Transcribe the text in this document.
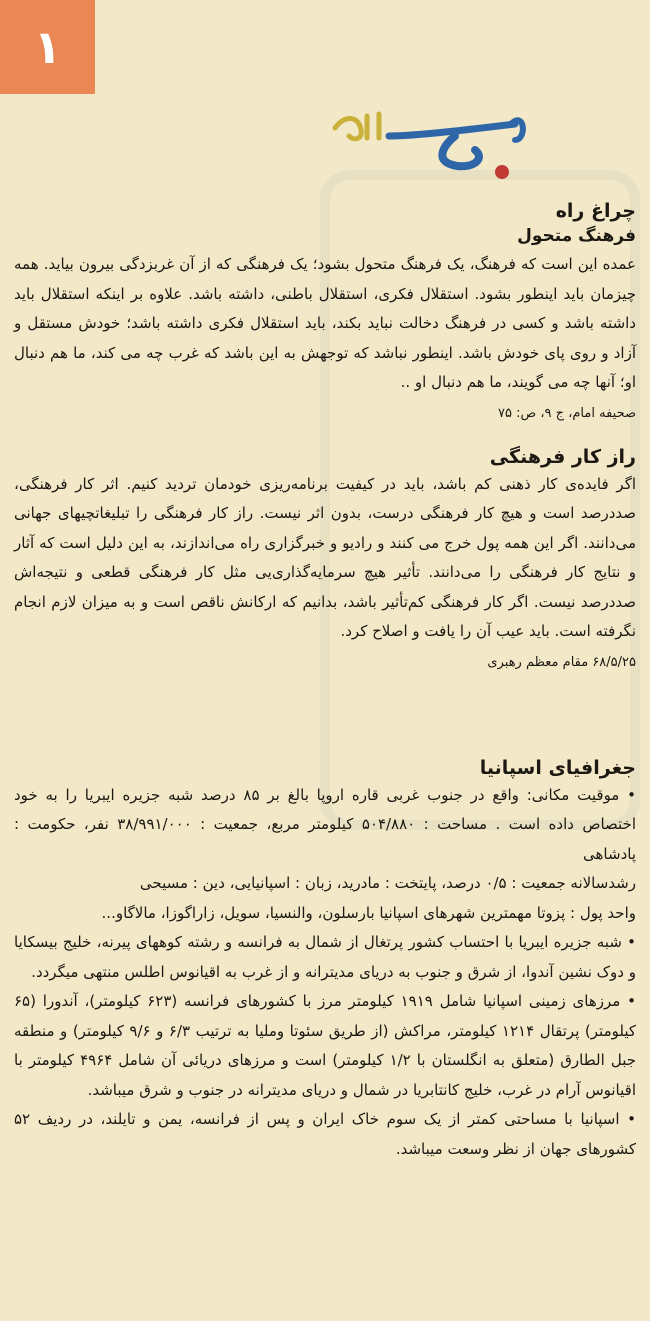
۱
چراغ راه
فرهنگ متحول

عمده این است که فرهنگ، یک فرهنگ متحول بشود؛ یک فرهنگی که از آن غربزدگی بیرون بیاید. همه چیزمان باید اینطور بشود. استقلال فکری، استقلال باطنی، داشته باشد. علاوه بر اینکه استقلال باید داشته باشد و کسی در فرهنگ دخالت نباید بکند، باید استقلال فکری داشته باشد؛ خودش مستقل و آزاد و روی پای خودش باشد. اینطور نباشد که توجهش به این باشد که غرب چه می کند، ما هم دنبال او؛ آنها چه می گویند، ما هم دنبال او ..

صحیفه امام، ج ۹، ص: ۷۵

راز کار فرهنگی

اگر فایده‌ی کار ذهنی کم باشد، باید در کیفیت برنامه‌ریزی خودمان تردید کنیم. اثر کار فرهنگی، صددرصد است و هیچ کار فرهنگی درست، بدون اثر نیست. راز کار فرهنگی را تبلیغاتچیهای جهانی می‌دانند. اگر این همه پول خرج می کنند و رادیو و خبرگزاری راه می‌اندازند، به این دلیل است که آثار و نتایج کار فرهنگی را می‌دانند. تأثیر هیچ سرمایه‌گذاری‌یی مثل کار فرهنگی قطعی و نتیجه‌اش صددرصد نیست. اگر کار فرهنگی کم‌تأثیر باشد، بدانیم که ارکانش ناقص است و به میزان لازم انجام نگرفته است. باید عیب آن را یافت و اصلاح کرد.

۶۸/۵/۲۵ مقام معظم رهبری

جغرافیای اسپانیا
• موقیت مکانی: واقع در جنوب غربی قاره اروپا بالغ بر ۸۵ درصد شبه جزیره ایبریا را به خود اختصاص داده است . مساحت : ۵۰۴/۸۸۰ کیلومتر مربع، جمعیت : ۳۸/۹۹۱/۰۰۰ نفر، حکومت : پادشاهی
رشدسالانه جمعیت : ۰/۵ درصد، پایتخت : مادرید، زبان : اسپانیایی، دین : مسیحی
واحد پول : پزوتا مهمترین شهرهای اسپانیا بارسلون، والنسیا، سویل، زاراگوزا، مالاگاو...
• شبه جزیره ایبریا با احتساب کشور پرتغال از شمال به فرانسه و رشته کوههای پیرنه، خلیج بیسکایا و دوک نشین آندوا، از شرق و جنوب به دریای مدیترانه و از غرب به اقیانوس اطلس منتهی میگردد.
• مرزهای زمینی اسپانیا شامل ۱۹۱۹ کیلومتر مرز با کشورهای فرانسه (۶۲۳ کیلومتر)، آندورا (۶۵ کیلومتر) پرتقال ۱۲۱۴ کیلومتر، مراکش (از طریق سئوتا وملیا به ترتیب ۶/۳ و ۹/۶ کیلومتر) و منطقه جبل الطارق (متعلق به انگلستان با ۱/۲ کیلومتر) است و مرزهای دریائی آن شامل ۴۹۶۴ کیلومتر با اقیانوس آرام در غرب، خلیج کانتابریا در شمال و دریای مدیترانه در جنوب و شرق میباشد.
• اسپانیا با مساحتی کمتر از یک سوم خاک ایران و پس از فرانسه، یمن و تایلند، در ردیف ۵۲ کشورهای جهان از نظر وسعت میباشد.
